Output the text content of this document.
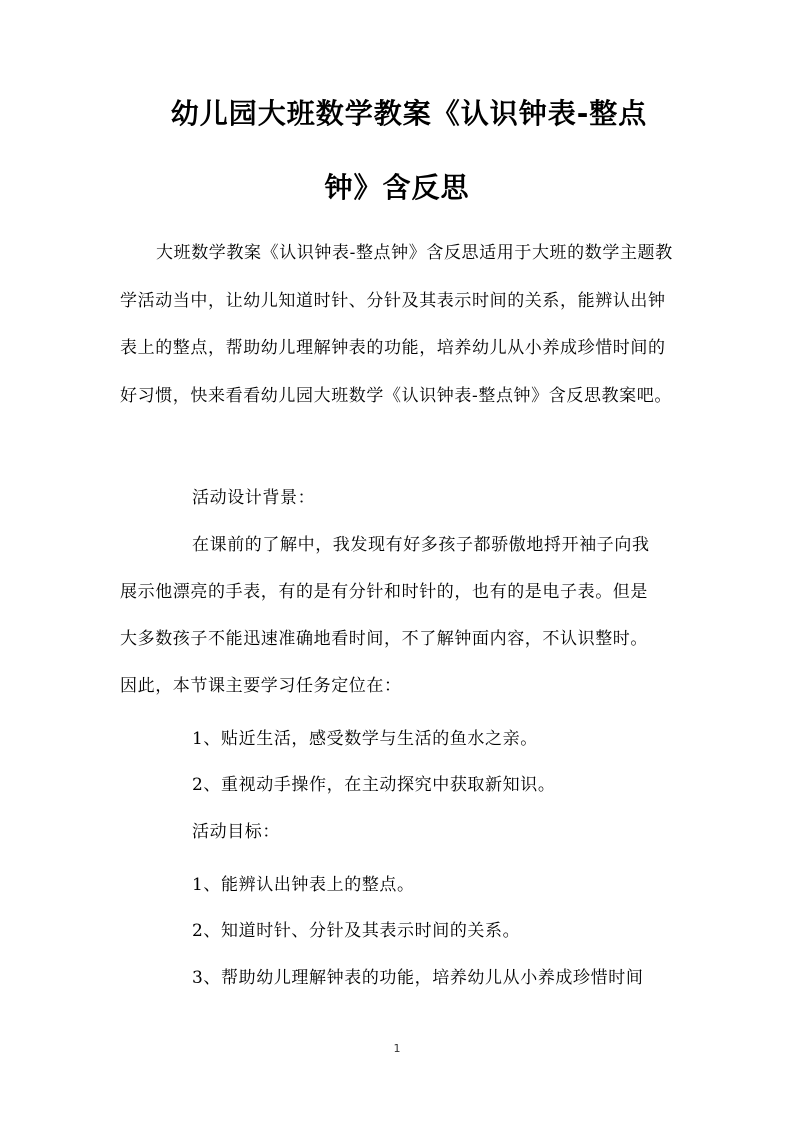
幼儿园大班数学教案《认识钟表-整点
钟》含反思
大班数学教案《认识钟表-整点钟》含反思适用于大班的数学主题教学活动当中，让幼儿知道时针、分针及其表示时间的关系，能辨认出钟表上的整点，帮助幼儿理解钟表的功能，培养幼儿从小养成珍惜时间的好习惯，快来看看幼儿园大班数学《认识钟表-整点钟》含反思教案吧。
活动设计背景：
在课前的了解中，我发现有好多孩子都骄傲地捋开袖子向我
展示他漂亮的手表，有的是有分针和时针的，也有的是电子表。但是
大多数孩子不能迅速准确地看时间，不了解钟面内容，不认识整时。
因此，本节课主要学习任务定位在：
1、贴近生活，感受数学与生活的鱼水之亲。
2、重视动手操作，在主动探究中获取新知识。
活动目标：
1、能辨认出钟表上的整点。
2、知道时针、分针及其表示时间的关系。
3、帮助幼儿理解钟表的功能，培养幼儿从小养成珍惜时间
1
